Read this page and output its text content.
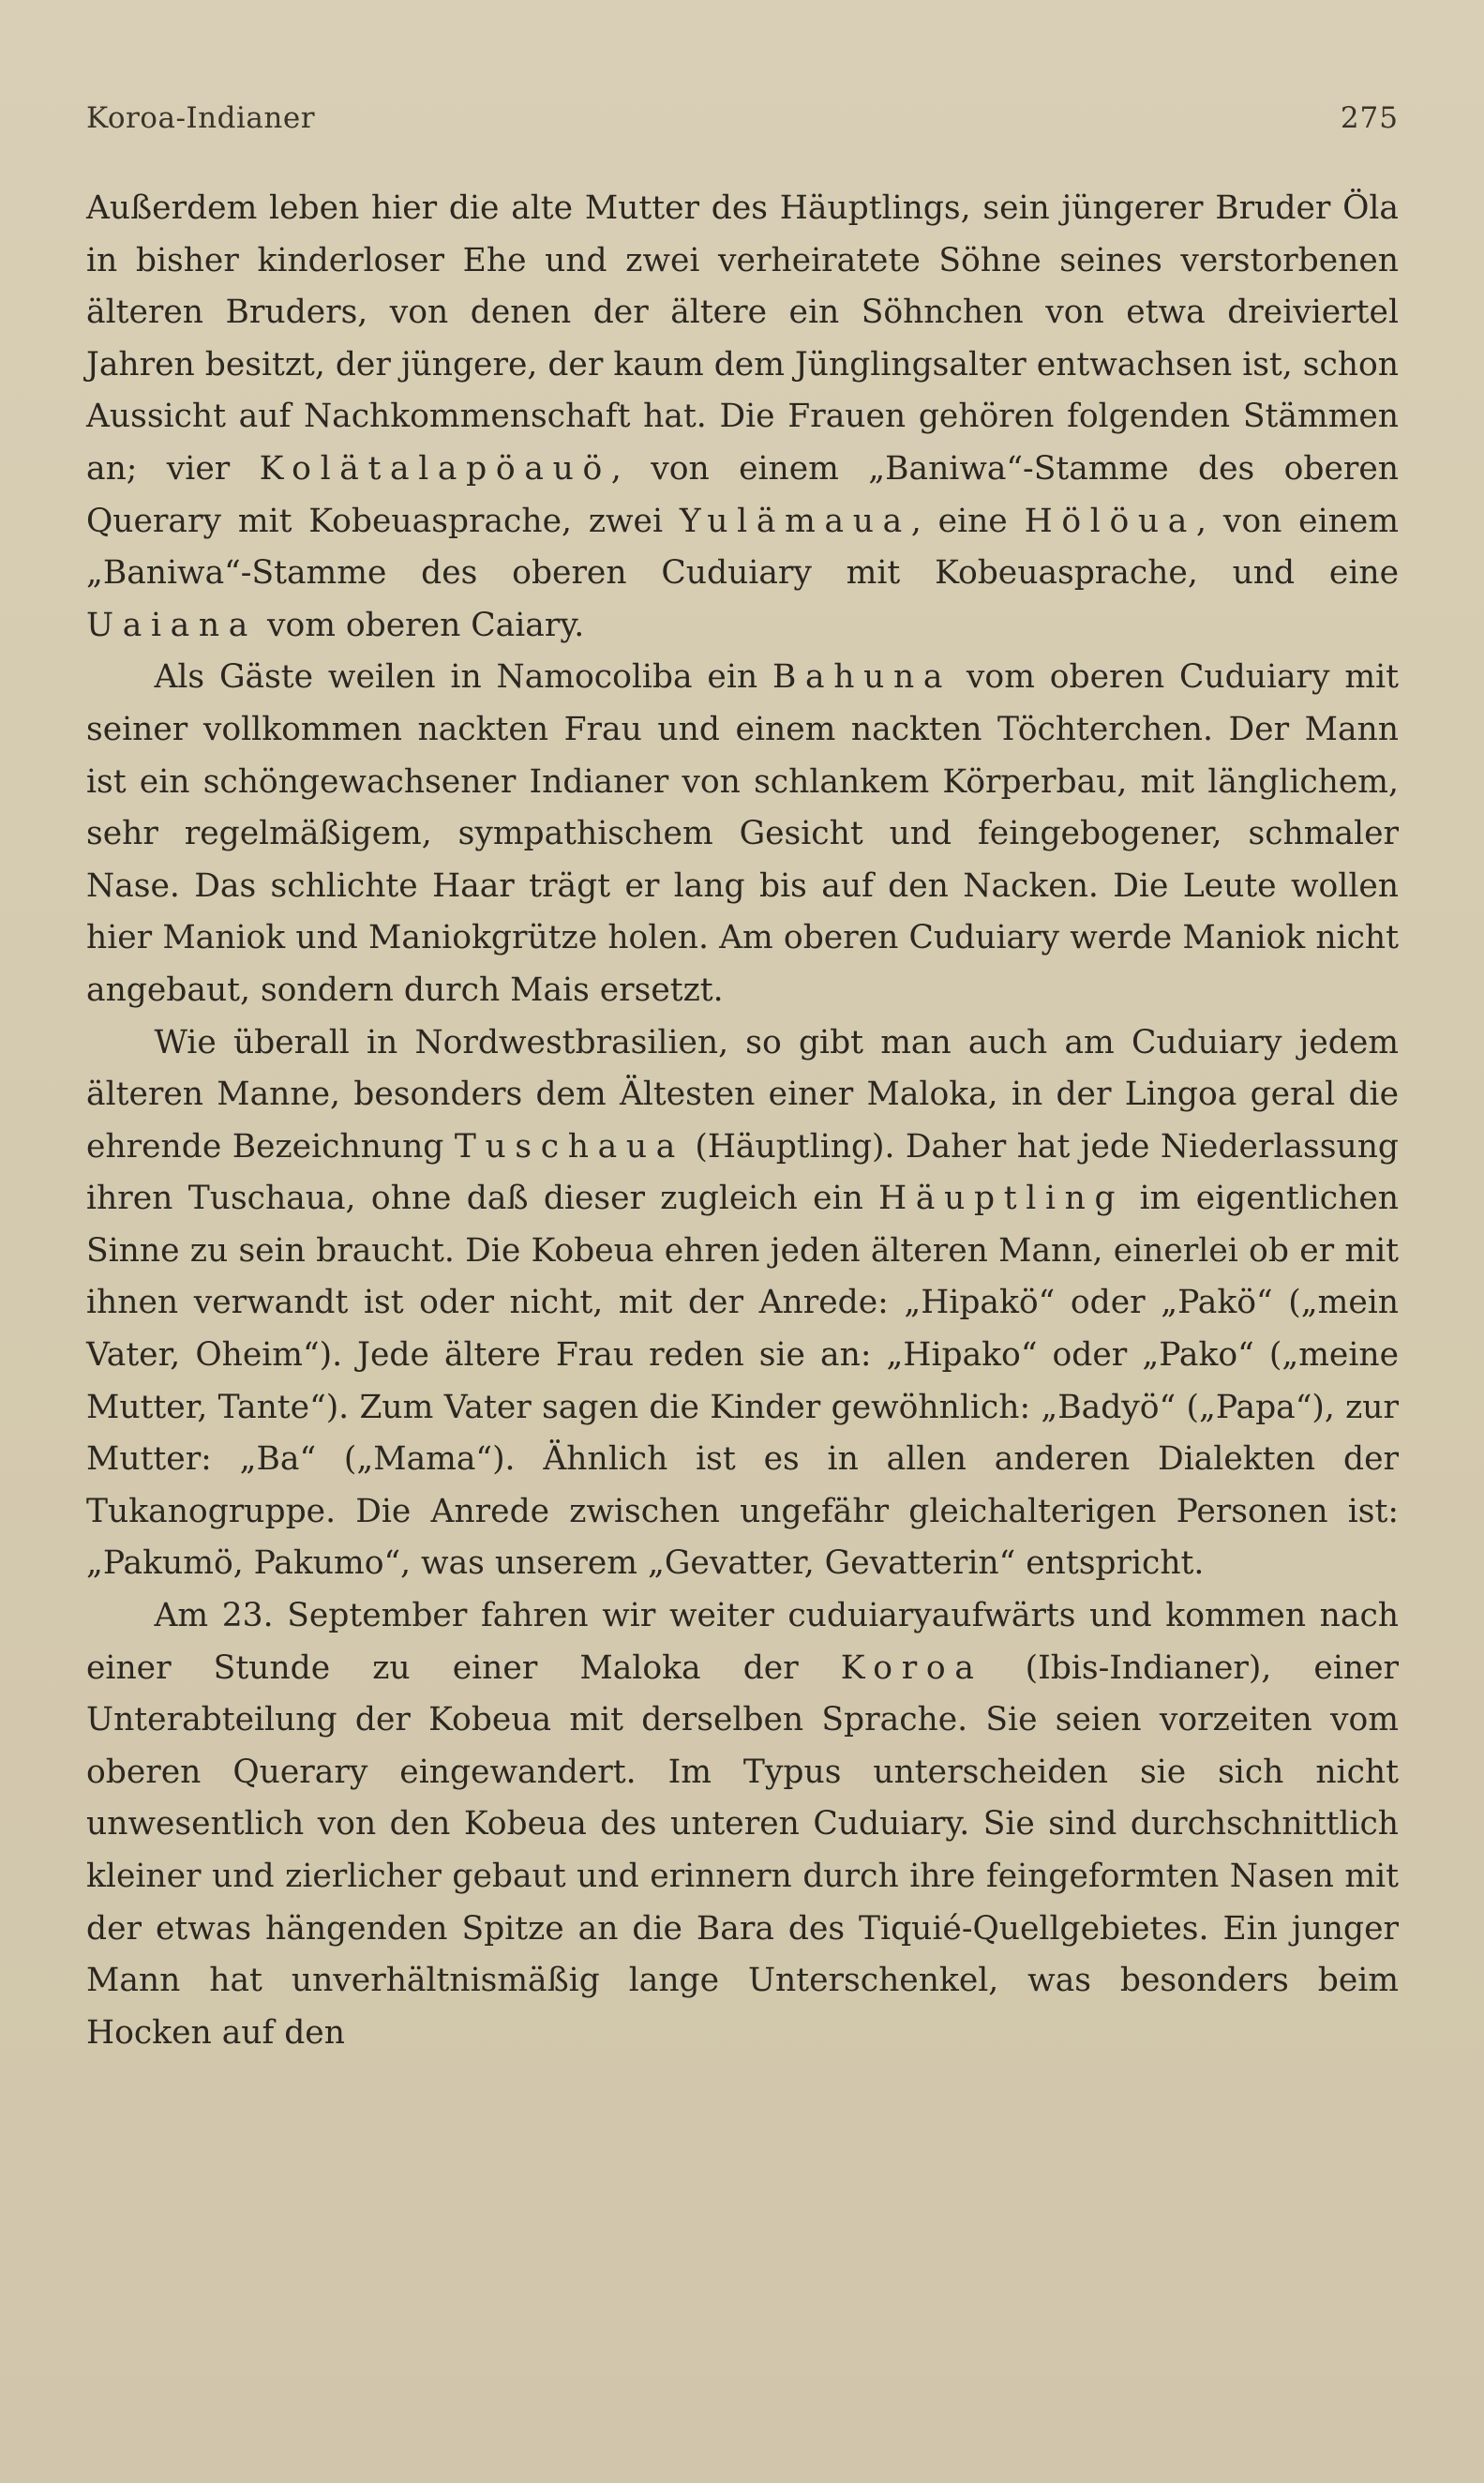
Koroa-Indianer	275

Außerdem leben hier die alte Mutter des Häuptlings, sein jüngerer Bruder Öla in bisher kinderloser Ehe und zwei verheiratete Söhne seines verstorbenen älteren Bruders, von denen der ältere ein Söhnchen von etwa dreiviertel Jahren besitzt, der jüngere, der kaum dem Jünglingsalter entwachsen ist, schon Aussicht auf Nachkommenschaft hat. Die Frauen gehören folgenden Stämmen an; vier Kolätalapöauö, von einem „Baniwa“-Stamme des oberen Querary mit Kobeuasprache, zwei Yulämaua, eine Hölöua, von einem „Baniwa“-Stamme des oberen Cuduiary mit Kobeuasprache, und eine Uaiana vom oberen Caiary.

Als Gäste weilen in Namocoliba ein Bahuna vom oberen Cuduiary mit seiner vollkommen nackten Frau und einem nackten Töchterchen. Der Mann ist ein schöngewachsener Indianer von schlankem Körperbau, mit länglichem, sehr regelmäßigem, sympathischem Gesicht und feingebogener, schmaler Nase. Das schlichte Haar trägt er lang bis auf den Nacken. Die Leute wollen hier Maniok und Maniokgrütze holen. Am oberen Cuduiary werde Maniok nicht angebaut, sondern durch Mais ersetzt.

Wie überall in Nordwestbrasilien, so gibt man auch am Cuduiary jedem älteren Manne, besonders dem Ältesten einer Maloka, in der Lingoa geral die ehrende Bezeichnung Tuschaua (Häuptling). Daher hat jede Niederlassung ihren Tuschaua, ohne daß dieser zugleich ein Häuptling im eigentlichen Sinne zu sein braucht. Die Kobeua ehren jeden älteren Mann, einerlei ob er mit ihnen verwandt ist oder nicht, mit der Anrede: „Hipakö“ oder „Pakö“ („mein Vater, Oheim“). Jede ältere Frau reden sie an: „Hipako“ oder „Pako“ („meine Mutter, Tante“). Zum Vater sagen die Kinder gewöhnlich: „Badyö“ („Papa“), zur Mutter: „Ba“ („Mama“). Ähnlich ist es in allen anderen Dialekten der Tukanogruppe. Die Anrede zwischen ungefähr gleichalterigen Personen ist: „Pakumö, Pakumo“, was unserem „Gevatter, Gevatterin“ entspricht.

Am 23. September fahren wir weiter cuduiaryaufwärts und kommen nach einer Stunde zu einer Maloka der Koroa (Ibis-Indianer), einer Unterabteilung der Kobeua mit derselben Sprache. Sie seien vorzeiten vom oberen Querary eingewandert. Im Typus unterscheiden sie sich nicht unwesentlich von den Kobeua des unteren Cuduiary. Sie sind durchschnittlich kleiner und zierlicher gebaut und erinnern durch ihre feingeformten Nasen mit der etwas hängenden Spitze an die Bara des Tiquié-Quellgebietes. Ein junger Mann hat unverhältnismäßig lange Unterschenkel, was besonders beim Hocken auf den
